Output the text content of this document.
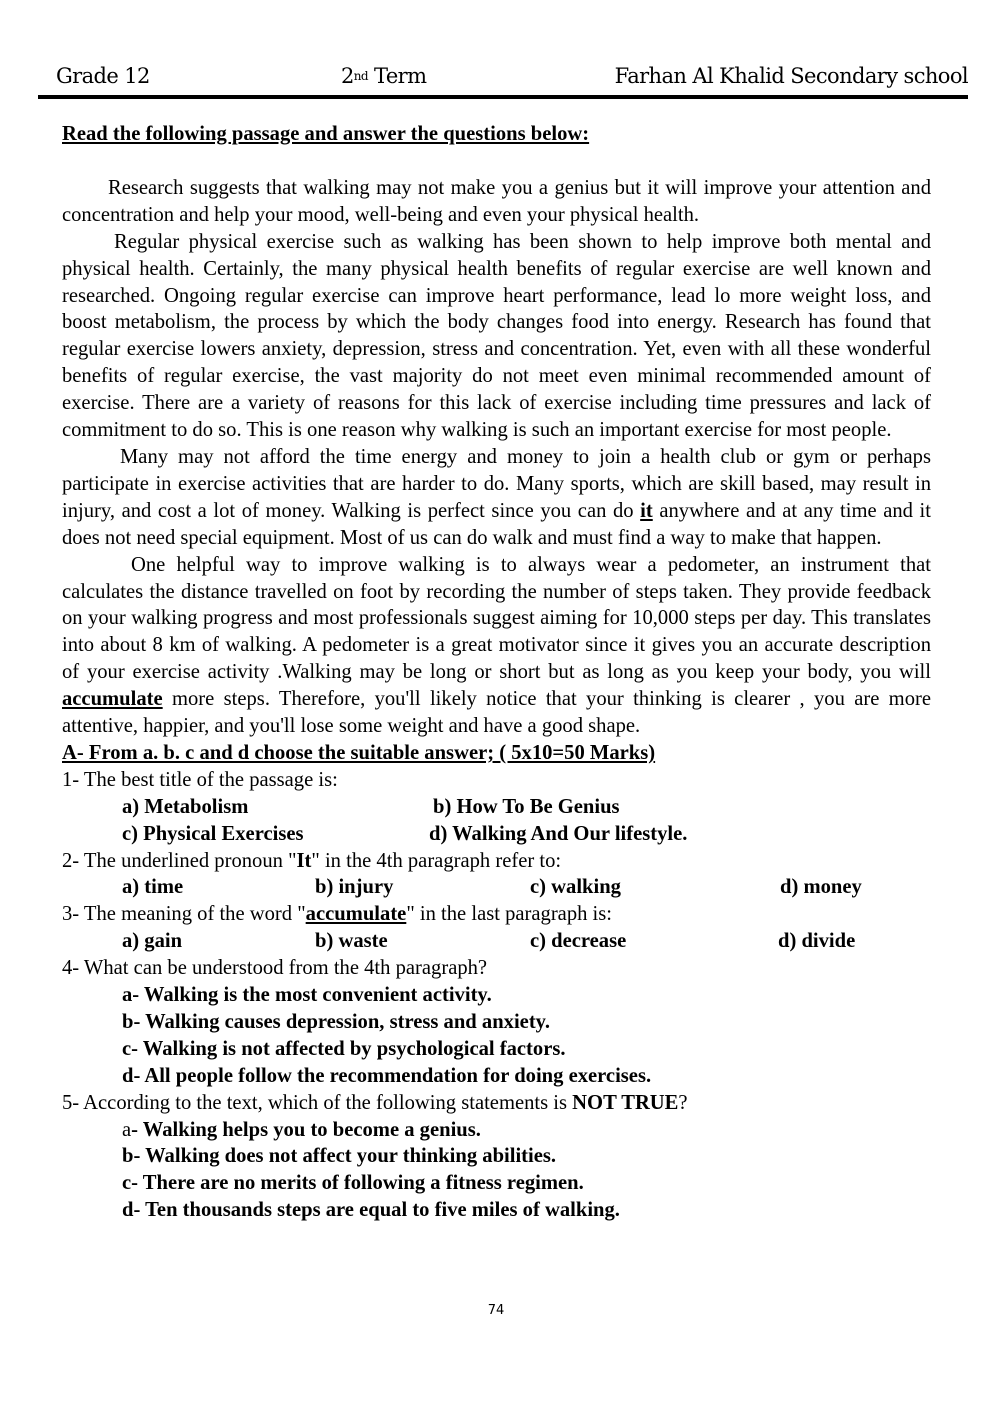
Grade 12	2nd Term	Farhan Al Khalid Secondary school

Read the following passage and answer the questions below:

Research suggests that walking may not make you a genius but it will improve your attention and concentration and help your mood, well-being and even your physical health.

Regular physical exercise such as walking has been shown to help improve both mental and physical health. Certainly, the many physical health benefits of regular exercise are well known and researched. Ongoing regular exercise can improve heart performance, lead lo more weight loss, and boost metabolism, the process by which the body changes food into energy. Research has found that regular exercise lowers anxiety, depression, stress and concentration. Yet, even with all these wonderful benefits of regular exercise, the vast majority do not meet even minimal recommended amount of exercise. There are a variety of reasons for this lack of exercise including time pressures and lack of commitment to do so. This is one reason why walking is such an important exercise for most people.

Many may not afford the time energy and money to join a health club or gym or perhaps participate in exercise activities that are harder to do. Many sports, which are skill based, may result in injury, and cost a lot of money. Walking is perfect since you can do it anywhere and at any time and it does not need special equipment. Most of us can do walk and must find a way to make that happen.

One helpful way to improve walking is to always wear a pedometer, an instrument that calculates the distance travelled on foot by recording the number of steps taken. They provide feedback on your walking progress and most professionals suggest aiming for 10,000 steps per day. This translates into about 8 km of walking. A pedometer is a great motivator since it gives you an accurate description of your exercise activity .Walking may be long or short but as long as you keep your body, you will accumulate more steps. Therefore, you'll likely notice that your thinking is clearer , you are more attentive, happier, and you'll lose some weight and have a good shape.

A- From a. b. c and d choose the suitable answer; ( 5x10=50 Marks)

1- The best title of the passage is:

a) Metabolism	b) How To Be Genius
c) Physical Exercises	d) Walking And Our lifestyle.

2- The underlined pronoun "It" in the 4th paragraph refer to:

a) time	b) injury	c) walking	d) money

3- The meaning of the word "accumulate" in the last paragraph is:

a) gain	b) waste	c) decrease	d) divide

4- What can be understood from the 4th paragraph?

a- Walking is the most convenient activity.

b- Walking causes depression, stress and anxiety.

c- Walking is not affected by psychological factors.

d- All people follow the recommendation for doing exercises.

5- According to the text, which of the following statements is NOT TRUE?

a- Walking helps you to become a genius.

b- Walking does not affect your thinking abilities.

c- There are no merits of following a fitness regimen.

d- Ten thousands steps are equal to five miles of walking.

74
